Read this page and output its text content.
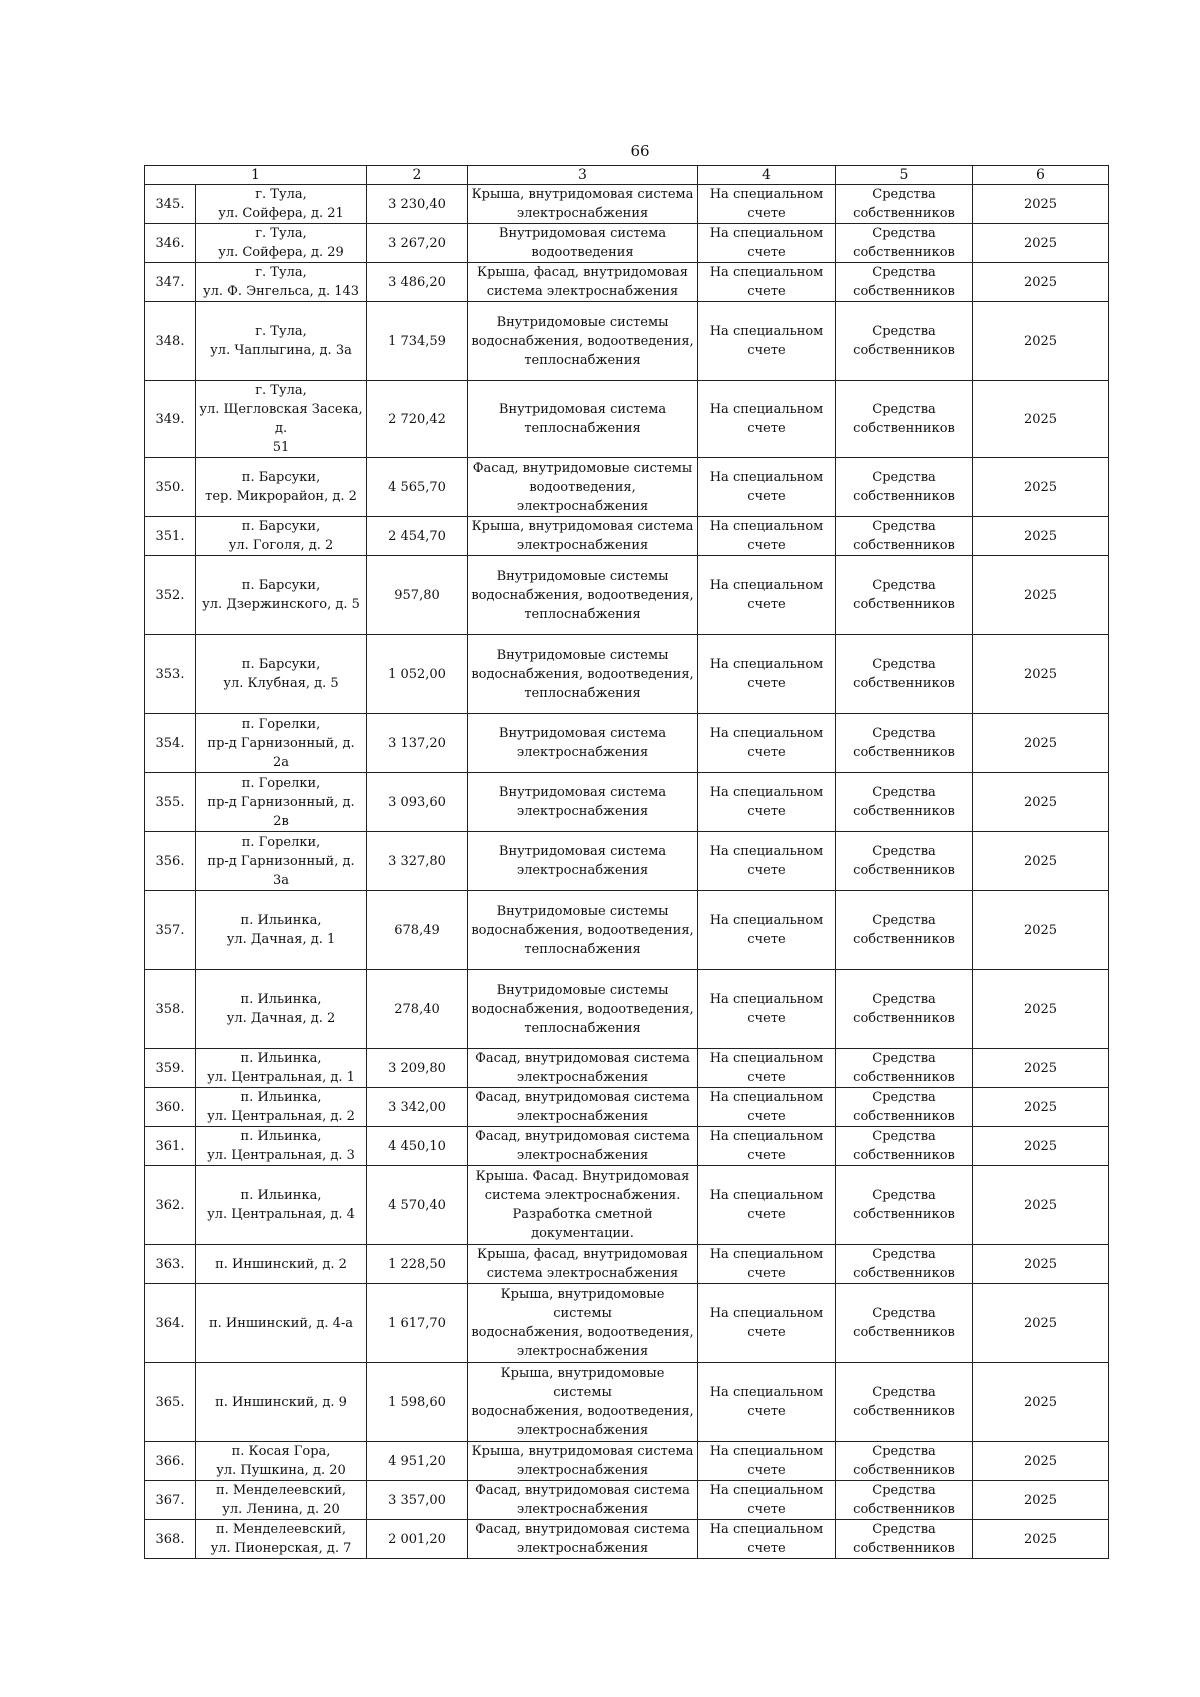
66
1		2	3	4	5	6
345.	г. Тула,
ул. Сойфера, д. 21	3 230,40	Крыша, внутридомовая система
электроснабжения	На специальном
счете	Средства
собственников	2025
346.	г. Тула,
ул. Сойфера, д. 29	3 267,20	Внутридомовая система
водоотведения	На специальном
счете	Средства
собственников	2025
347.	г. Тула,
ул. Ф. Энгельса, д. 143	3 486,20	Крыша, фасад, внутридомовая
система электроснабжения	На специальном
счете	Средства
собственников	2025
348.	г. Тула,
ул. Чаплыгина, д. 3а	1 734,59	Внутридомовые системы
водоснабжения, водоотведения,
теплоснабжения	На специальном
счете	Средства
собственников	2025
349.	г. Тула,
ул. Щегловская Засека, д.
51	2 720,42	Внутридомовая система
теплоснабжения	На специальном
счете	Средства
собственников	2025
350.	п. Барсуки,
тер. Микрорайон, д. 2	4 565,70	Фасад, внутридомовые системы
водоотведения, электроснабжения	На специальном
счете	Средства
собственников	2025
351.	п. Барсуки,
ул. Гоголя, д. 2	2 454,70	Крыша, внутридомовая система
электроснабжения	На специальном
счете	Средства
собственников	2025
352.	п. Барсуки,
ул. Дзержинского, д. 5	957,80	Внутридомовые системы
водоснабжения, водоотведения,
теплоснабжения	На специальном
счете	Средства
собственников	2025
353.	п. Барсуки,
ул. Клубная, д. 5	1 052,00	Внутридомовые системы
водоснабжения, водоотведения,
теплоснабжения	На специальном
счете	Средства
собственников	2025
354.	п. Горелки,
пр-д Гарнизонный, д. 2а	3 137,20	Внутридомовая система
электроснабжения	На специальном
счете	Средства
собственников	2025
355.	п. Горелки,
пр-д Гарнизонный, д. 2в	3 093,60	Внутридомовая система
электроснабжения	На специальном
счете	Средства
собственников	2025
356.	п. Горелки,
пр-д Гарнизонный, д. 3а	3 327,80	Внутридомовая система
электроснабжения	На специальном
счете	Средства
собственников	2025
357.	п. Ильинка,
ул. Дачная, д. 1	678,49	Внутридомовые системы
водоснабжения, водоотведения,
теплоснабжения	На специальном
счете	Средства
собственников	2025
358.	п. Ильинка,
ул. Дачная, д. 2	278,40	Внутридомовые системы
водоснабжения, водоотведения,
теплоснабжения	На специальном
счете	Средства
собственников	2025
359.	п. Ильинка,
ул. Центральная, д. 1	3 209,80	Фасад, внутридомовая система
электроснабжения	На специальном
счете	Средства
собственников	2025
360.	п. Ильинка,
ул. Центральная, д. 2	3 342,00	Фасад, внутридомовая система
электроснабжения	На специальном
счете	Средства
собственников	2025
361.	п. Ильинка,
ул. Центральная, д. 3	4 450,10	Фасад, внутридомовая система
электроснабжения	На специальном
счете	Средства
собственников	2025
362.	п. Ильинка,
ул. Центральная, д. 4	4 570,40	Крыша. Фасад. Внутридомовая
система электроснабжения.
Разработка сметной документации.	На специальном
счете	Средства
собственников	2025
363.	п. Иншинский, д. 2	1 228,50	Крыша, фасад, внутридомовая
система электроснабжения	На специальном
счете	Средства
собственников	2025
364.	п. Иншинский, д. 4-а	1 617,70	Крыша, внутридомовые системы
водоснабжения, водоотведения,
электроснабжения	На специальном
счете	Средства
собственников	2025
365.	п. Иншинский, д. 9	1 598,60	Крыша, внутридомовые системы
водоснабжения, водоотведения,
электроснабжения	На специальном
счете	Средства
собственников	2025
366.	п. Косая Гора,
ул. Пушкина, д. 20	4 951,20	Крыша, внутридомовая система
электроснабжения	На специальном
счете	Средства
собственников	2025
367.	п. Менделеевский,
ул. Ленина, д. 20	3 357,00	Фасад, внутридомовая система
электроснабжения	На специальном
счете	Средства
собственников	2025
368.	п. Менделеевский,
ул. Пионерская, д. 7	2 001,20	Фасад, внутридомовая система
электроснабжения	На специальном
счете	Средства
собственников	2025
